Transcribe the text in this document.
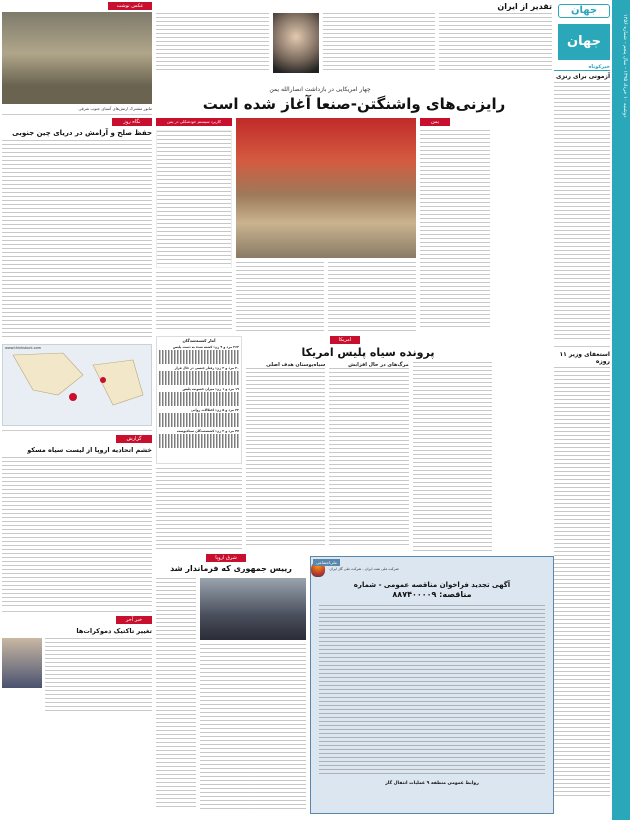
دوشنبه ۱۰ خرداد ۱۳۹۵ - سال پنجم - شماره ۱۲۵۶
جهان
جهان
خبرکوتاه
آزمونی برای رنزی
استعفای وزیر ۱۱ روزه
عکس نوشت
مانور مشترک ارتش‌های آسیای جنوب شرقی
نگاه روز
حفظ صلح و آرامش در دریای چین جنوبی
www.thinkstock.com
گزارش
خشم اتحادیه اروپا از لیست سیاه مسکو
خبر آخر
تغییر تاکتیک دموکرات‌ها
تقدیر از ایران
چهار امریکایی در بازداشت انصارالله یمن
رایزنی‌های واشنگتن-صنعا آغاز شده است
یمن
کاربرد سیستم خودشکلی در یمن
امریکا
پرونده سیاه پلیس امریکا
آمار کشته‌شدگان
۲۶۲ مرد و ۹ زن: کشته شده به دست پلیس
۳۰ مرد و ۲ زن: رفتار جنسی در حال فرار
۱۹ مرد و ۱ زن: میزان خشونت پلیس
۲۳ مرد و ۵ زن: اختلالات روانی
۴۷ مرد و ۲ زن: کشته‌شدگان سیاه‌پوست
مرگ‌های در حال افزایش
سیاه‌پوستان هدف اصلی
شرق اروپا
رییس جمهوری که فرماندار شد
ملی‌اجتماعی
شرکت ملی نفت ایران - شرکت ملی گاز ایران
آگهی تجدید فراخوان مناقصه عمومی - شماره
مناقصه: ۸۸۷۴۰۰۰۰۹
روابط عمومی منطقه ۹ عملیات انتقال گاز
